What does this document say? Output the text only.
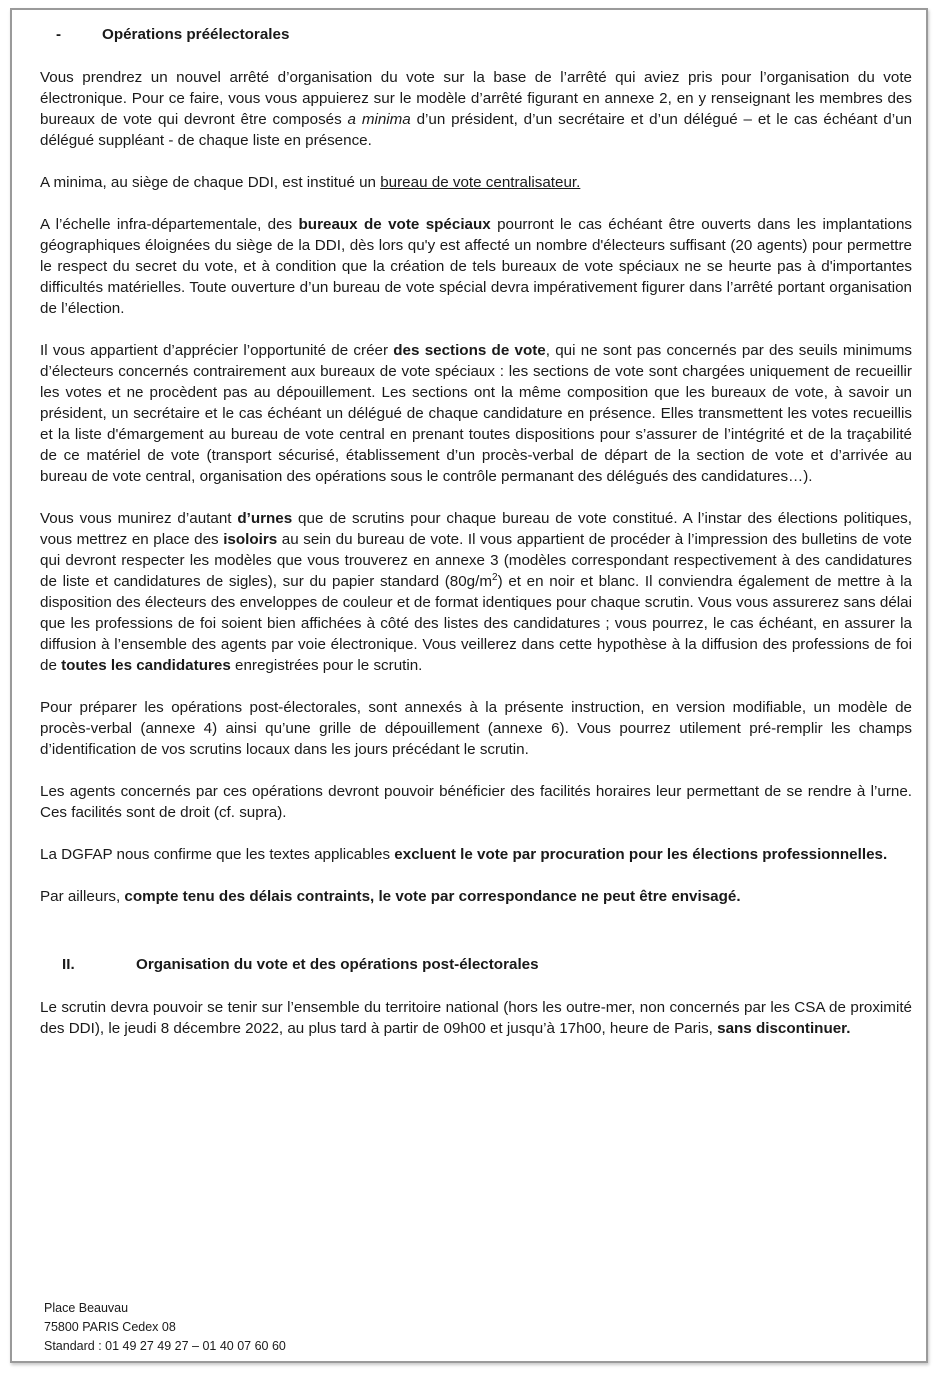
-	Opérations préélectorales

Vous prendrez un nouvel arrêté d’organisation du vote sur la base de l’arrêté qui aviez pris pour l’organisation du vote électronique. Pour ce faire, vous vous appuierez sur le modèle d’arrêté figurant en annexe 2, en y renseignant les membres des bureaux de vote qui devront être composés a minima d’un président, d’un secrétaire et d’un délégué – et le cas échéant d’un délégué suppléant - de chaque liste en présence.

A minima, au siège de chaque DDI, est institué un bureau de vote centralisateur.

A l’échelle infra-départementale, des bureaux de vote spéciaux pourront le cas échéant être ouverts dans les implantations géographiques éloignées du siège de la DDI, dès lors qu'y est affecté un nombre d'électeurs suffisant (20 agents) pour permettre le respect du secret du vote, et à condition que la création de tels bureaux de vote spéciaux ne se heurte pas à d'importantes difficultés matérielles. Toute ouverture d’un bureau de vote spécial devra impérativement figurer dans l’arrêté portant organisation de l’élection.

Il vous appartient d’apprécier l’opportunité de créer des sections de vote, qui ne sont pas concernés par des seuils minimums d’électeurs concernés contrairement aux bureaux de vote spéciaux : les sections de vote sont chargées uniquement de recueillir les votes et ne procèdent pas au dépouillement. Les sections ont la même composition que les bureaux de vote, à savoir un président, un secrétaire et le cas échéant un délégué de chaque candidature en présence. Elles transmettent les votes recueillis et la liste d'émargement au bureau de vote central en prenant toutes dispositions pour s’assurer de l’intégrité et de la traçabilité de ce matériel de vote (transport sécurisé, établissement d’un procès-verbal de départ de la section de vote et d’arrivée au bureau de vote central, organisation des opérations sous le contrôle permanant des délégués des candidatures…).

Vous vous munirez d’autant d’urnes que de scrutins pour chaque bureau de vote constitué. A l’instar des élections politiques, vous mettrez en place des isoloirs au sein du bureau de vote. Il vous appartient de procéder à l’impression des bulletins de vote qui devront respecter les modèles que vous trouverez en annexe 3 (modèles correspondant respectivement à des candidatures de liste et candidatures de sigles), sur du papier standard $(80g/m^2)$ et en noir et blanc. Il conviendra également de mettre à la disposition des électeurs des enveloppes de couleur et de format identiques pour chaque scrutin. Vous vous assurerez sans délai que les professions de foi soient bien affichées à côté des listes des candidatures ; vous pourrez, le cas échéant, en assurer la diffusion à l’ensemble des agents par voie électronique. Vous veillerez dans cette hypothèse à la diffusion des professions de foi de toutes les candidatures enregistrées pour le scrutin.

Pour préparer les opérations post-électorales, sont annexés à la présente instruction, en version modifiable, un modèle de procès-verbal (annexe 4) ainsi qu’une grille de dépouillement (annexe 6). Vous pourrez utilement pré-remplir les champs d’identification de vos scrutins locaux dans les jours précédant le scrutin.

Les agents concernés par ces opérations devront pouvoir bénéficier des facilités horaires leur permettant de se rendre à l’urne. Ces facilités sont de droit (cf. supra).

La DGFAP nous confirme que les textes applicables excluent le vote par procuration pour les élections professionnelles.

Par ailleurs, compte tenu des délais contraints, le vote par correspondance ne peut être envisagé.

II.	Organisation du vote et des opérations post-électorales

Le scrutin devra pouvoir se tenir sur l’ensemble du territoire national (hors les outre-mer, non concernés par les CSA de proximité des DDI), le jeudi 8 décembre 2022, au plus tard à partir de 09h00 et jusqu’à 17h00, heure de Paris, sans discontinuer.

Place Beauvau
75800 PARIS Cedex 08
Standard : 01 49 27 49 27 – 01 40 07 60 60
